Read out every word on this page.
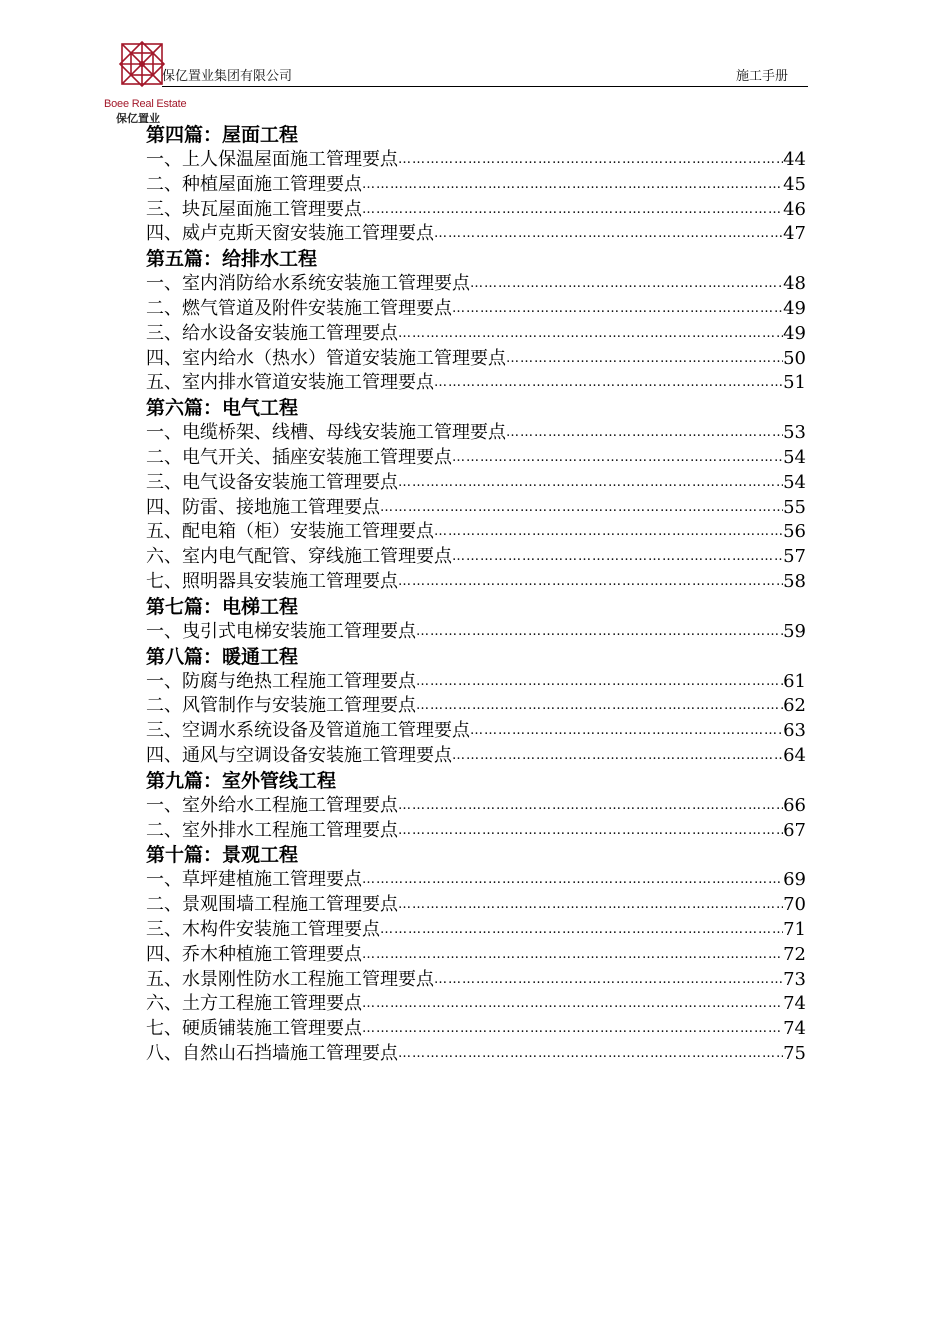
Boee Real Estate
保亿置业
保亿置业集团有限公司	施工手册
第四篇：屋面工程
一、上人保温屋面施工管理要点 ……………………………………………………………………………………………………………………	44
二、种植屋面施工管理要点 ……………………………………………………………………………………………………………………	45
三、块瓦屋面施工管理要点 ……………………………………………………………………………………………………………………	46
四、威卢克斯天窗安装施工管理要点 ……………………………………………………………………………………………………………………	47
第五篇：给排水工程
一、室内消防给水系统安装施工管理要点 ……………………………………………………………………………………………………………………	48
二、燃气管道及附件安装施工管理要点 ……………………………………………………………………………………………………………………	49
三、给水设备安装施工管理要点 ……………………………………………………………………………………………………………………	49
四、室内给水（热水）管道安装施工管理要点 ……………………………………………………………………………………………………………………	50
五、室内排水管道安装施工管理要点 ……………………………………………………………………………………………………………………	51
第六篇：电气工程
一、电缆桥架、线槽、母线安装施工管理要点 ……………………………………………………………………………………………………………………	53
二、电气开关、插座安装施工管理要点 ……………………………………………………………………………………………………………………	54
三、电气设备安装施工管理要点 ……………………………………………………………………………………………………………………	54
四、防雷、接地施工管理要点 ……………………………………………………………………………………………………………………	55
五、配电箱（柜）安装施工管理要点 ……………………………………………………………………………………………………………………	56
六、室内电气配管、穿线施工管理要点 ……………………………………………………………………………………………………………………	57
七、照明器具安装施工管理要点 ……………………………………………………………………………………………………………………	58
第七篇：电梯工程
一、曳引式电梯安装施工管理要点 ……………………………………………………………………………………………………………………	59
第八篇：暖通工程
一、防腐与绝热工程施工管理要点 ……………………………………………………………………………………………………………………	61
二、风管制作与安装施工管理要点 ……………………………………………………………………………………………………………………	62
三、空调水系统设备及管道施工管理要点 ……………………………………………………………………………………………………………………	63
四、通风与空调设备安装施工管理要点 ……………………………………………………………………………………………………………………	64
第九篇：室外管线工程
一、室外给水工程施工管理要点 ……………………………………………………………………………………………………………………	66
二、室外排水工程施工管理要点 ……………………………………………………………………………………………………………………	67
第十篇：景观工程
一、草坪建植施工管理要点 ……………………………………………………………………………………………………………………	69
二、景观围墙工程施工管理要点 ……………………………………………………………………………………………………………………	70
三、木构件安装施工管理要点 ……………………………………………………………………………………………………………………	71
四、乔木种植施工管理要点 ……………………………………………………………………………………………………………………	72
五、水景刚性防水工程施工管理要点 ……………………………………………………………………………………………………………………	73
六、土方工程施工管理要点 ……………………………………………………………………………………………………………………	74
七、硬质铺装施工管理要点 ……………………………………………………………………………………………………………………	74
八、自然山石挡墙施工管理要点 ……………………………………………………………………………………………………………………	75
